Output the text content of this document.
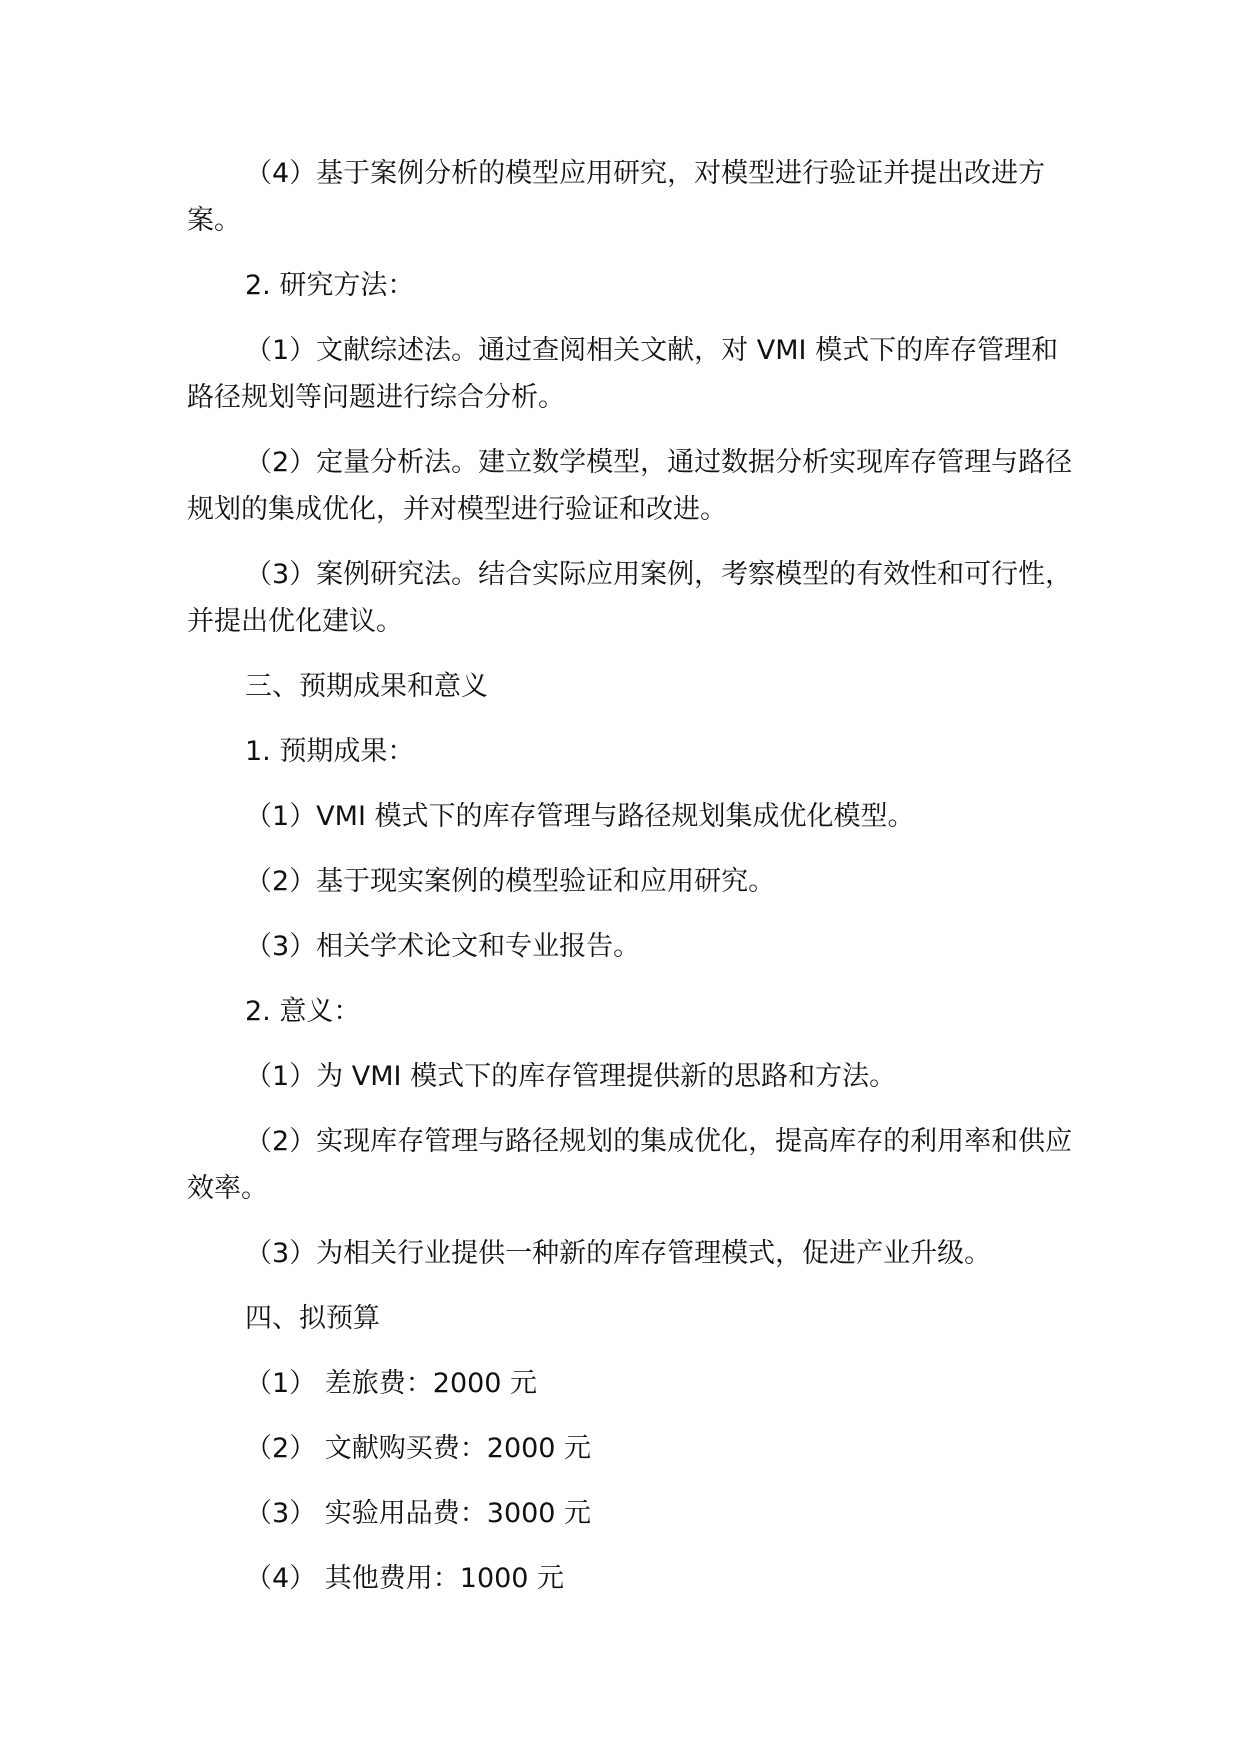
（4）基于案例分析的模型应用研究，对模型进行验证并提出改进方案。

2. 研究方法：

（1）文献综述法。通过查阅相关文献，对 VMI 模式下的库存管理和路径规划等问题进行综合分析。

（2）定量分析法。建立数学模型，通过数据分析实现库存管理与路径规划的集成优化，并对模型进行验证和改进。

（3）案例研究法。结合实际应用案例，考察模型的有效性和可行性，并提出优化建议。

三、预期成果和意义

1. 预期成果：

（1）VMI 模式下的库存管理与路径规划集成优化模型。

（2）基于现实案例的模型验证和应用研究。

（3）相关学术论文和专业报告。

2. 意义：

（1）为 VMI 模式下的库存管理提供新的思路和方法。

（2）实现库存管理与路径规划的集成优化，提高库存的利用率和供应效率。

（3）为相关行业提供一种新的库存管理模式，促进产业升级。

四、拟预算

（1） 差旅费：2000 元

（2） 文献购买费：2000 元

（3） 实验用品费：3000 元

（4） 其他费用：1000 元
